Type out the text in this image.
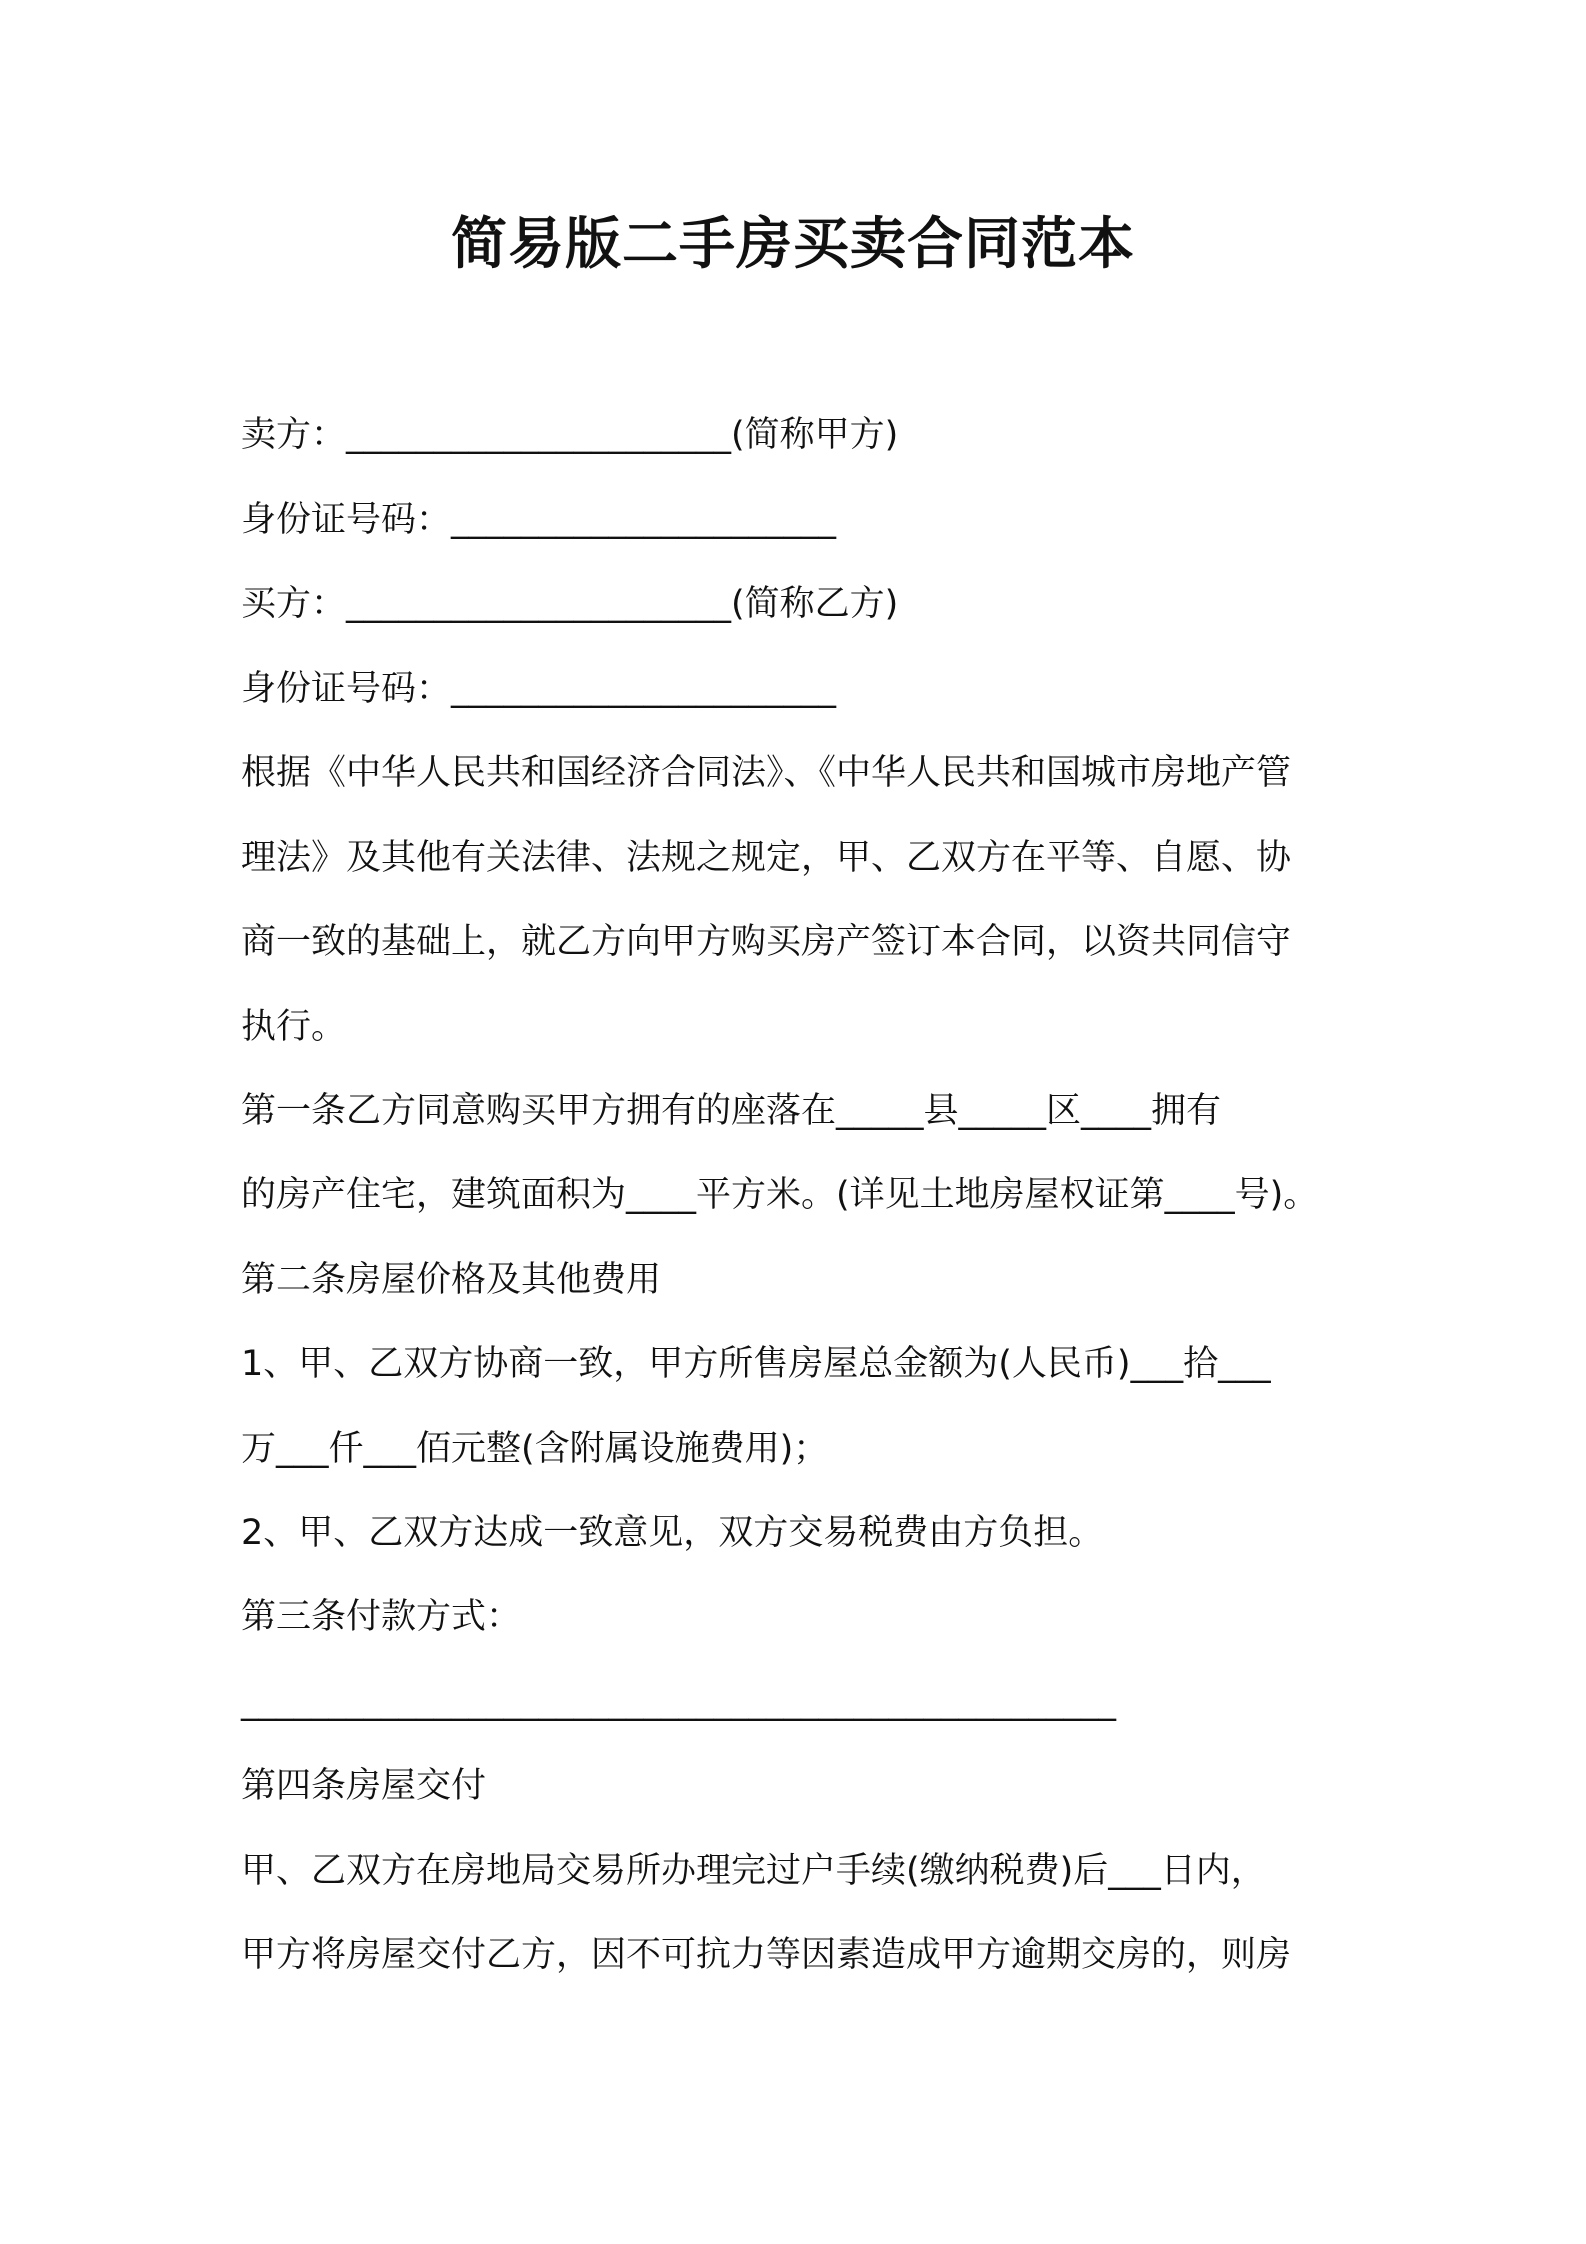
简易版二手房买卖合同范本

卖方：______________________(简称甲方)

身份证号码：______________________

买方：______________________(简称乙方)

身份证号码：______________________

根据《中华人民共和国经济合同法》、《中华人民共和国城市房地产管

理法》及其他有关法律、法规之规定，甲、乙双方在平等、自愿、协

商一致的基础上，就乙方向甲方购买房产签订本合同，以资共同信守

执行。

第一条乙方同意购买甲方拥有的座落在_____县_____区____拥有

的房产住宅，建筑面积为____平方米。(详见土地房屋权证第____号)。

第二条房屋价格及其他费用

1、甲、乙双方协商一致，甲方所售房屋总金额为(人民币)___拾___

万___仟___佰元整(含附属设施费用)；

2、甲、乙双方达成一致意见，双方交易税费由方负担。

第三条付款方式：

__________________________________________________

第四条房屋交付

甲、乙双方在房地局交易所办理完过户手续(缴纳税费)后___日内，

甲方将房屋交付乙方，因不可抗力等因素造成甲方逾期交房的，则房
